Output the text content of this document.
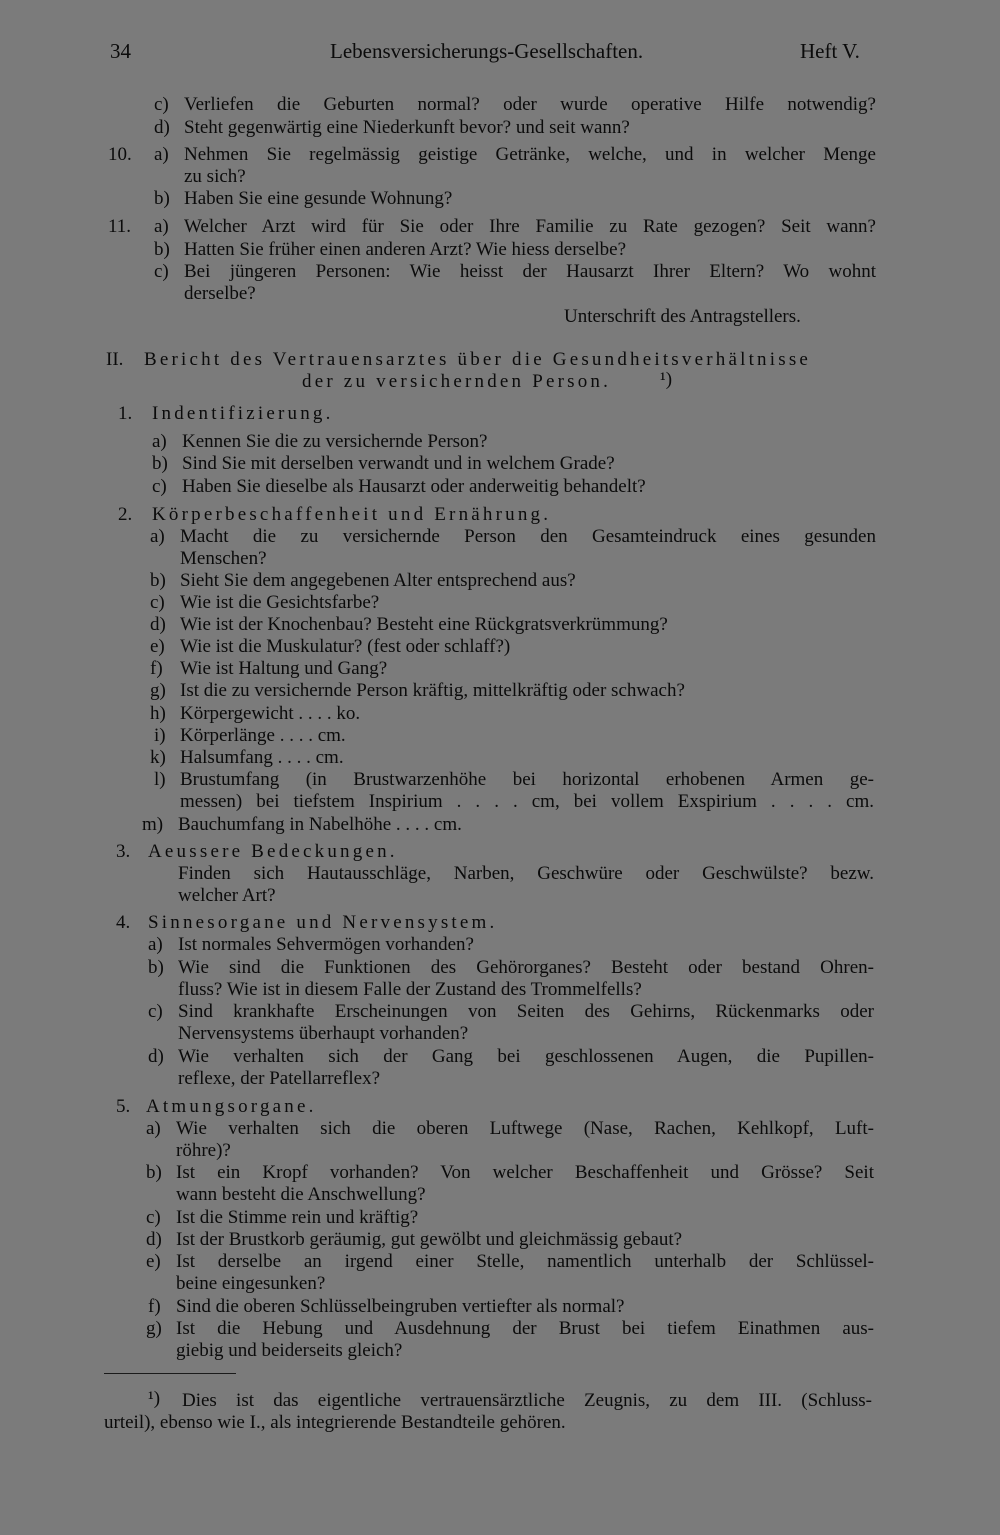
34	Lebensversicherungs-Gesellschaften.	Heft V.
c) Verliefen die Geburten normal? oder wurde operative Hilfe notwendig?
d) Steht gegenwärtig eine Niederkunft bevor? und seit wann?
10. a) Nehmen Sie regelmässig geistige Getränke, welche, und in welcher Menge
zu sich?
b) Haben Sie eine gesunde Wohnung?
11. a) Welcher Arzt wird für Sie oder Ihre Familie zu Rate gezogen? Seit wann?
b) Hatten Sie früher einen anderen Arzt? Wie hiess derselbe?
c) Bei jüngeren Personen: Wie heisst der Hausarzt Ihrer Eltern? Wo wohnt
derselbe?
Unterschrift des Antragstellers.
II. Bericht des Vertrauensarztes über die Gesundheitsverhältnisse
der zu versichernden Person.	¹)
1. Indentifizierung.
a) Kennen Sie die zu versichernde Person?
b) Sind Sie mit derselben verwandt und in welchem Grade?
c) Haben Sie dieselbe als Hausarzt oder anderweitig behandelt?
2. Körperbeschaffenheit und Ernährung.
a) Macht die zu versichernde Person den Gesamteindruck eines gesunden
Menschen?
b) Sieht Sie dem angegebenen Alter entsprechend aus?
c) Wie ist die Gesichtsfarbe?
d) Wie ist der Knochenbau? Besteht eine Rückgratsverkrümmung?
e) Wie ist die Muskulatur? (fest oder schlaff?)
f) Wie ist Haltung und Gang?
g) Ist die zu versichernde Person kräftig, mittelkräftig oder schwach?
h) Körpergewicht . . . . ko.
i) Körperlänge . . . . cm.
k) Halsumfang . . . . cm.
l) Brustumfang (in Brustwarzenhöhe bei horizontal erhobenen Armen ge-
messen) bei tiefstem Inspirium . . . . cm, bei vollem Exspirium . . . . cm.
m) Bauchumfang in Nabelhöhe . . . . cm.
3. Aeussere Bedeckungen.
Finden sich Hautausschläge, Narben, Geschwüre oder Geschwülste? bezw.
welcher Art?
4. Sinnesorgane und Nervensystem.
a) Ist normales Sehvermögen vorhanden?
b) Wie sind die Funktionen des Gehörorganes? Besteht oder bestand Ohren-
fluss? Wie ist in diesem Falle der Zustand des Trommelfells?
c) Sind krankhafte Erscheinungen von Seiten des Gehirns, Rückenmarks oder
Nervensystems überhaupt vorhanden?
d) Wie verhalten sich der Gang bei geschlossenen Augen, die Pupillen-
reflexe, der Patellarreflex?
5. Atmungsorgane.
a) Wie verhalten sich die oberen Luftwege (Nase, Rachen, Kehlkopf, Luft-
röhre)?
b) Ist ein Kropf vorhanden? Von welcher Beschaffenheit und Grösse? Seit
wann besteht die Anschwellung?
c) Ist die Stimme rein und kräftig?
d) Ist der Brustkorb geräumig, gut gewölbt und gleichmässig gebaut?
e) Ist derselbe an irgend einer Stelle, namentlich unterhalb der Schlüssel-
beine eingesunken?
f) Sind die oberen Schlüsselbeingruben vertiefter als normal?
g) Ist die Hebung und Ausdehnung der Brust bei tiefem Einathmen aus-
giebig und beiderseits gleich?
¹) Dies ist das eigentliche vertrauensärztliche Zeugnis, zu dem III. (Schluss-
urteil), ebenso wie I., als integrierende Bestandteile gehören.
